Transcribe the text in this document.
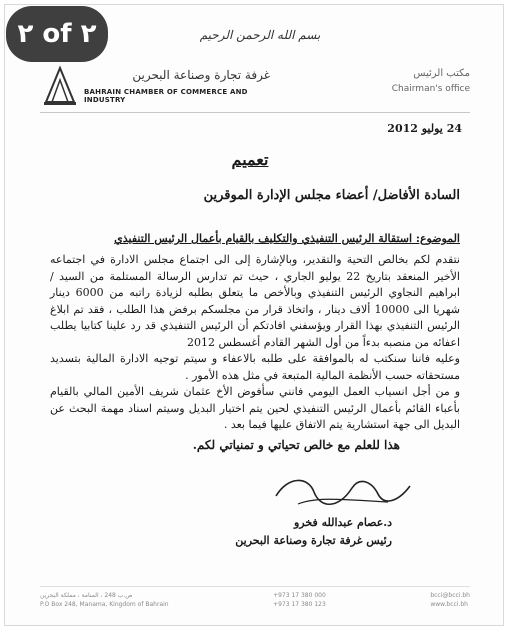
٢ of ٢	بسم الله الرحمن الرحيم
غرفة تجارة وصناعة البحرين
BAHRAIN CHAMBER OF COMMERCE AND INDUSTRY
مكتب الرئيس
Chairman's office
24 يوليو 2012
تعميم
السادة الأفاضل/ أعضاء مجلس الإدارة الموقرين
الموضوع: استقالة الرئيس التنفيذي والتكليف بالقيام بأعمال الرئيس التنفيذي

نتقدم لكم بخالص التحية والتقدير، وبالإشارة إلى الى اجتماع مجلس الادارة في اجتماعه الأخير المنعقد بتاريخ 22 يوليو الجاري ، حيث تم تدارس الرسالة المستلمة من السيد / ابراهيم النجاوي الرئيس التنفيذي وبالأخص ما يتعلق بطلبه لزيادة راتبه من 6000 دينار شهريا الى 10000 ألاف دينار ، واتخاذ قرار من مجلسكم برفض هذا الطلب ، فقد تم ابلاغ الرئيس التنفيذي بهذا القرار ويؤسفني افادتكم أن الرئيس التنفيذي قد رد علينا كتابيا يطلب اعفائه من منصبه بدءاً من أول الشهر القادم أغسطس 2012

وعليه فاننا سنكتب له بالموافقة على طلبه بالاعفاء و سيتم توجيه الادارة المالية بتسديد مستحقاته حسب الأنظمة المالية المتبعة في مثل هذه الأمور .

و من أجل انسياب العمل اليومي فانني سأفوض الأخ عثمان شريف الأمين المالي بالقيام بأعباء القائم بأعمال الرئيس التنفيذي لحين يتم اختيار البديل وسيتم اسناد مهمة البحث عن البديل الى جهة استشارية يتم الاتفاق عليها فيما بعد .

هذا للعلم مع خالص تحياتي و تمنياتي لكم.
د.عصام عبدالله فخرو
رئيس غرفة تجارة وصناعة البحرين
ص.ب 248 ، المنامة ، مملكة البحرين
P.O Box 248, Manama, Kingdom of Bahrain
+973 17 380 000
+973 17 380 123
bcci@bcci.bh
www.bcci.bh
